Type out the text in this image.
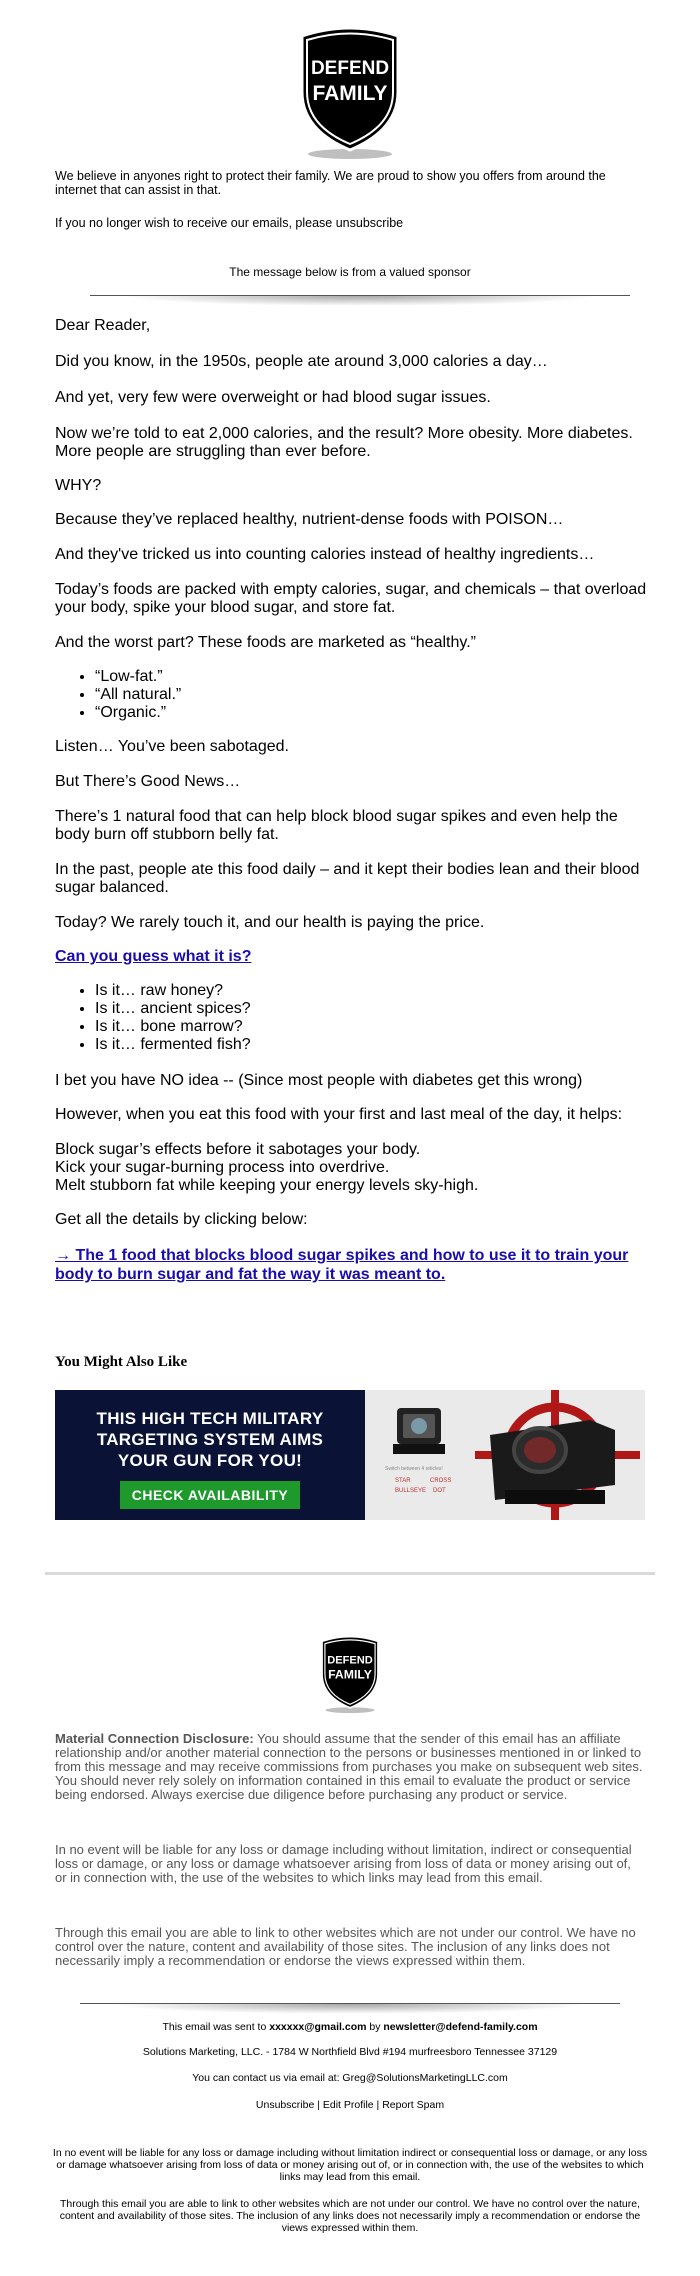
DEFEND
FAMILY

We believe in anyones right to protect their family. We are proud to show you offers from around the internet that can assist in that.

If you no longer wish to receive our emails, please unsubscribe

The message below is from a valued sponsor

Dear Reader,

Did you know, in the 1950s, people ate around 3,000 calories a day…

And yet, very few were overweight or had blood sugar issues.

Now we’re told to eat 2,000 calories, and the result? More obesity. More diabetes. More people are struggling than ever before.

WHY?

Because they’ve replaced healthy, nutrient-dense foods with POISON…

And they've tricked us into counting calories instead of healthy ingredients…

Today’s foods are packed with empty calories, sugar, and chemicals – that overload your body, spike your blood sugar, and store fat.

And the worst part? These foods are marketed as “healthy.”

• “Low-fat.”
• “All natural.”
• “Organic.”

Listen… You’ve been sabotaged.

But There’s Good News…

There’s 1 natural food that can help block blood sugar spikes and even help the body burn off stubborn belly fat.

In the past, people ate this food daily – and it kept their bodies lean and their blood sugar balanced.

Today? We rarely touch it, and our health is paying the price.

Can you guess what it is?
• Is it… raw honey?
• Is it… ancient spices?
• Is it… bone marrow?
• Is it… fermented fish?

I bet you have NO idea -- (Since most people with diabetes get this wrong)

However, when you eat this food with your first and last meal of the day, it helps:

Block sugar’s effects before it sabotages your body.
Kick your sugar-burning process into overdrive.
Melt stubborn fat while keeping your energy levels sky-high.

Get all the details by clicking below:

→ The 1 food that blocks blood sugar spikes and how to use it to train your body to burn sugar and fat the way it was meant to.

You Might Also Like

THIS HIGH TECH MILITARY TARGETING SYSTEM AIMS YOUR GUN FOR YOU!
CHECK AVAILABILITY
Switch between 4 reticles!
STAR	CROSS
BULLSEYE DOT
DEFEND
FAMILY

Material Connection Disclosure: You should assume that the sender of this email has an affiliate relationship and/or another material connection to the persons or businesses mentioned in or linked to from this message and may receive commissions from purchases you make on subsequent web sites. You should never rely solely on information contained in this email to evaluate the product or service being endorsed. Always exercise due diligence before purchasing any product or service.

In no event will be liable for any loss or damage including without limitation, indirect or consequential loss or damage, or any loss or damage whatsoever arising from loss of data or money arising out of, or in connection with, the use of the websites to which links may lead from this email.

Through this email you are able to link to other websites which are not under our control. We have no control over the nature, content and availability of those sites. The inclusion of any links does not necessarily imply a recommendation or endorse the views expressed within them.

This email was sent to xxxxxx@gmail.com by newsletter@defend-family.com

Solutions Marketing, LLC. - 1784 W Northfield Blvd #194 murfreesboro Tennessee 37129

You can contact us via email at: Greg@SolutionsMarketingLLC.com

Unsubscribe | Edit Profile | Report Spam

In no event will be liable for any loss or damage including without limitation indirect or consequential loss or damage, or any loss or damage whatsoever arising from loss of data or money arising out of, or in connection with, the use of the websites to which links may lead from this email.

Through this email you are able to link to other websites which are not under our control. We have no control over the nature, content and availability of those sites. The inclusion of any links does not necessarily imply a recommendation or endorse the views expressed within them.
